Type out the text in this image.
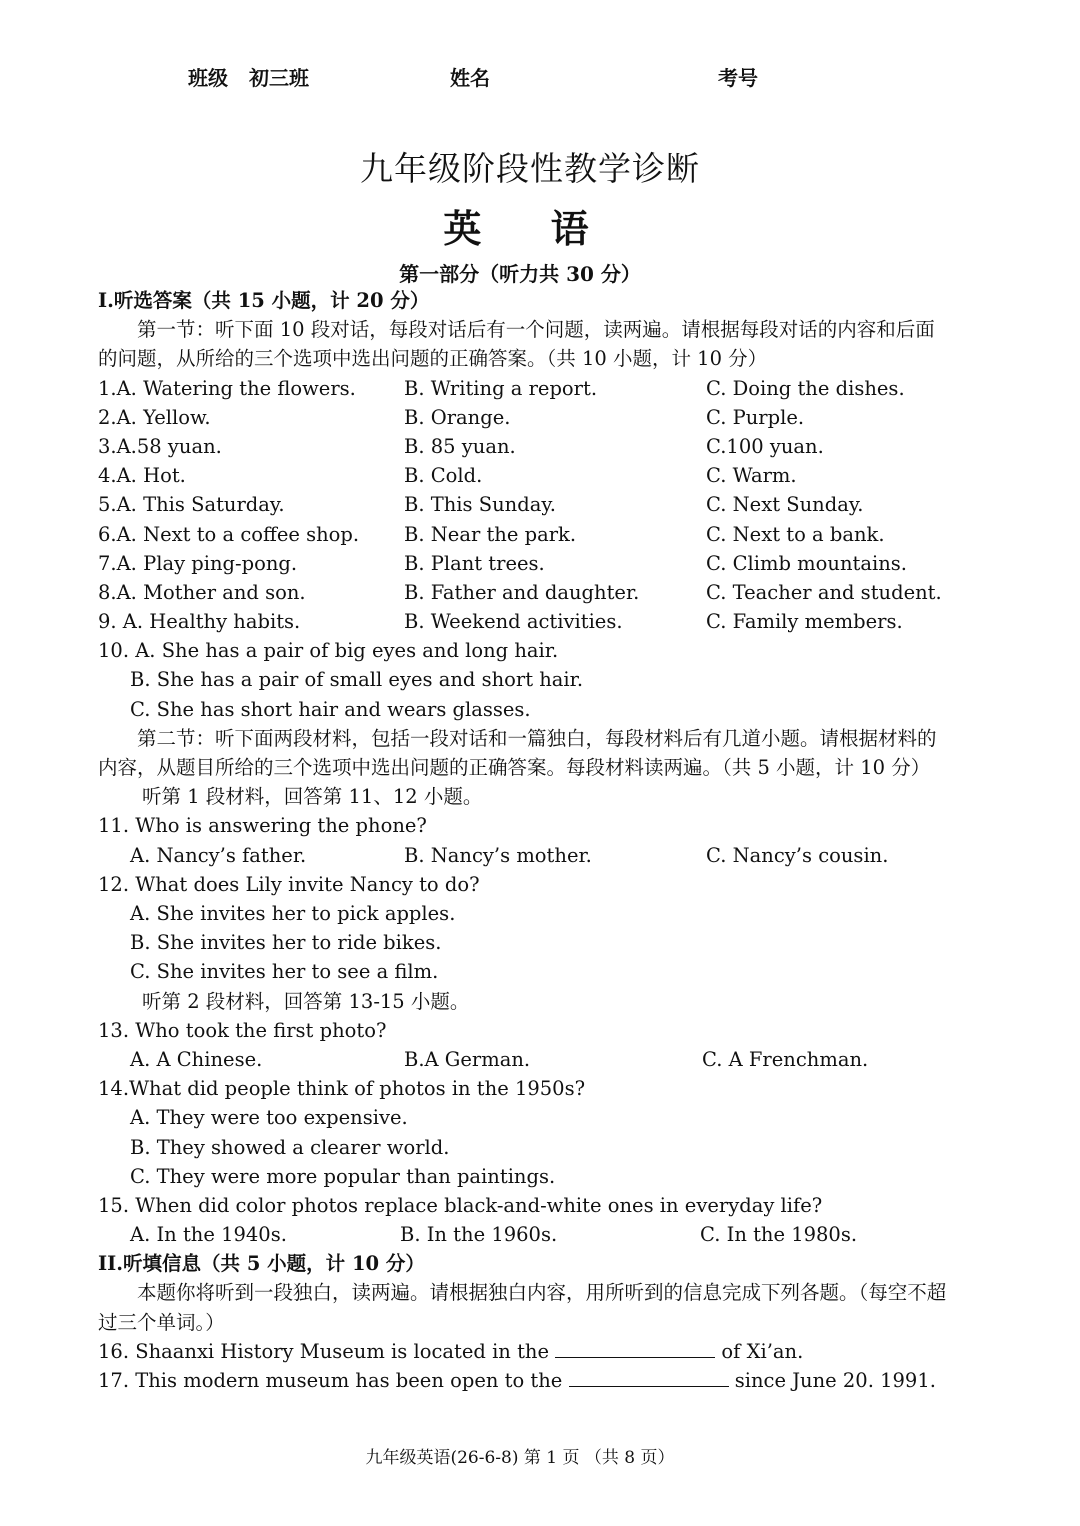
班级 初三
班	姓名	考号
九年级阶段性教学诊断
英 语
第一部分（听力共 30 分）
I.听选答案（共 15 小题，计 20 分）
第一节：听下面 10 段对话，每段对话后有一个问题，读两遍。请根据每段对话的内容和后面的问题，从所给的三个选项中选出问题的正确答案。（共 10 小题，计 10 分）
1.A. Watering the flowers. B. Writing a report.	C. Doing the dishes.
2.A. Yellow.	B. Orange.	C. Purple.
3.A.58 yuan.	B. 85 yuan.	C.100 yuan.
4.A. Hot.	B. Cold.	C. Warm.
5.A. This Saturday.	B. This Sunday.	C. Next Sunday.
6.A. Next to a coffee shop. B. Near the park.	C. Next to a bank.
7.A. Play ping-pong.	B. Plant trees.	C. Climb mountains.
8.A. Mother and son.	B. Father and daughter.	C. Teacher and student.
9. A. Healthy habits.	B. Weekend activities.	C. Family members.
10. A. She has a pair of big eyes and long hair.
B. She has a pair of small eyes and short hair.
C. She has short hair and wears glasses.
第二节：听下面两段材料，包括一段对话和一篇独白，每段材料后有几道小题。请根据材料的内容，从题目所给的三个选项中选出问题的正确答案。每段材料读两遍。（共 5 小题，计 10 分）
听第 1 段材料，回答第 11、12 小题。
11. Who is answering the phone?
A. Nancy’s father.	B. Nancy’s mother.	C. Nancy’s cousin.
12. What does Lily invite Nancy to do?
A. She invites her to pick apples.
B. She invites her to ride bikes.
C. She invites her to see a film.
听第 2 段材料，回答第 13-15 小题。
13. Who took the first photo?
A. A Chinese.	B.A German.	C. A Frenchman.
14.What did people think of photos in the 1950s?
A. They were too expensive.
B. They showed a clearer world.
C. They were more popular than paintings.
15. When did color photos replace black-and-white ones in everyday life?
A. In the 1940s.	B. In the 1960s.	C. In the 1980s.
II.听填信息（共 5 小题，计 10 分）
本题你将听到一段独白，读两遍。请根据独白内容，用所听到的信息完成下列各题。（每空不超过三个单词。）
16. Shaanxi History Museum is located in the	of Xi’an.
17. This modern museum has been open to the	since June 20. 1991.
九年级英语(26-6-8) 第 1 页 （共 8 页）
